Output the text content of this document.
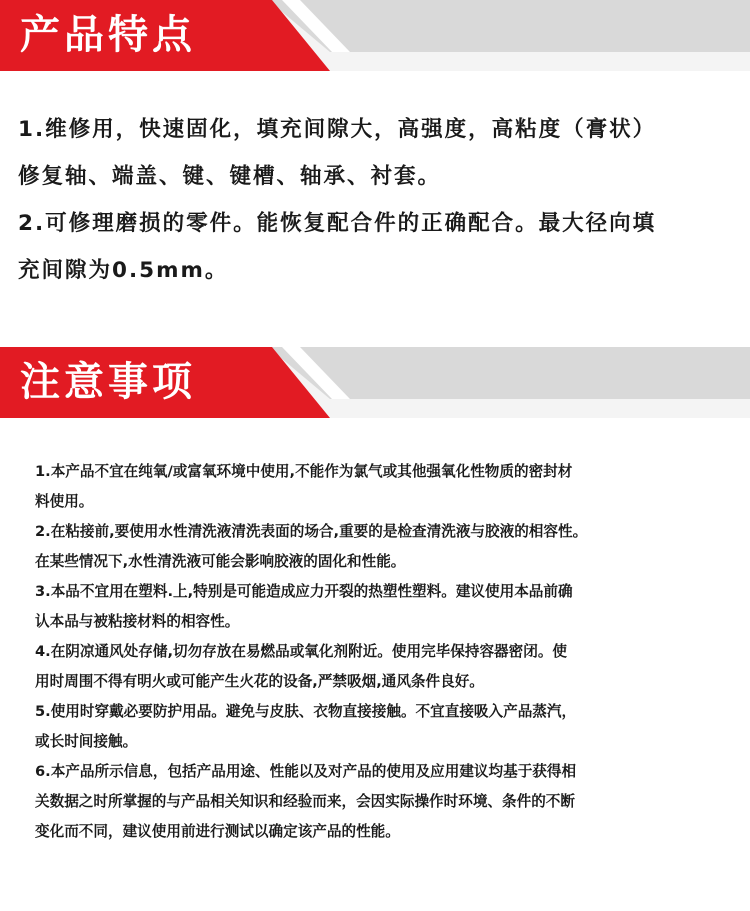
产品特点

1.维修用，快速固化，填充间隙大，高强度，高粘度（膏状）

修复轴、端盖、键、键槽、轴承、衬套。

2.可修理磨损的零件。能恢复配合件的正确配合。最大径向填

充间隙为0.5mm。

注意事项

1.本产品不宜在纯氧/或富氧环境中使用,不能作为氯气或其他强氧化性物质的密封材

料使用。

2.在粘接前,要使用水性清洗液清洗表面的场合,重要的是检查清洗液与胶液的相容性。

在某些情况下,水性清洗液可能会影响胶液的固化和性能。

3.本品不宜用在塑料.上,特别是可能造成应力开裂的热塑性塑料。建议使用本品前确

认本品与被粘接材料的相容性。

4.在阴凉通风处存储,切勿存放在易燃品或氧化剂附近。使用完毕保持容器密闭。使

用时周围不得有明火或可能产生火花的设备,严禁吸烟,通风条件良好。

5.使用时穿戴必要防护用品。避免与皮肤、衣物直接接触。不宜直接吸入产品蒸汽，

或长时间接触。

6.本产品所示信息，包括产品用途、性能以及对产品的使用及应用建议均基于获得相

关数据之时所掌握的与产品相关知识和经验而来，会因实际操作时环境、条件的不断

变化而不同，建议使用前进行测试以确定该产品的性能。
